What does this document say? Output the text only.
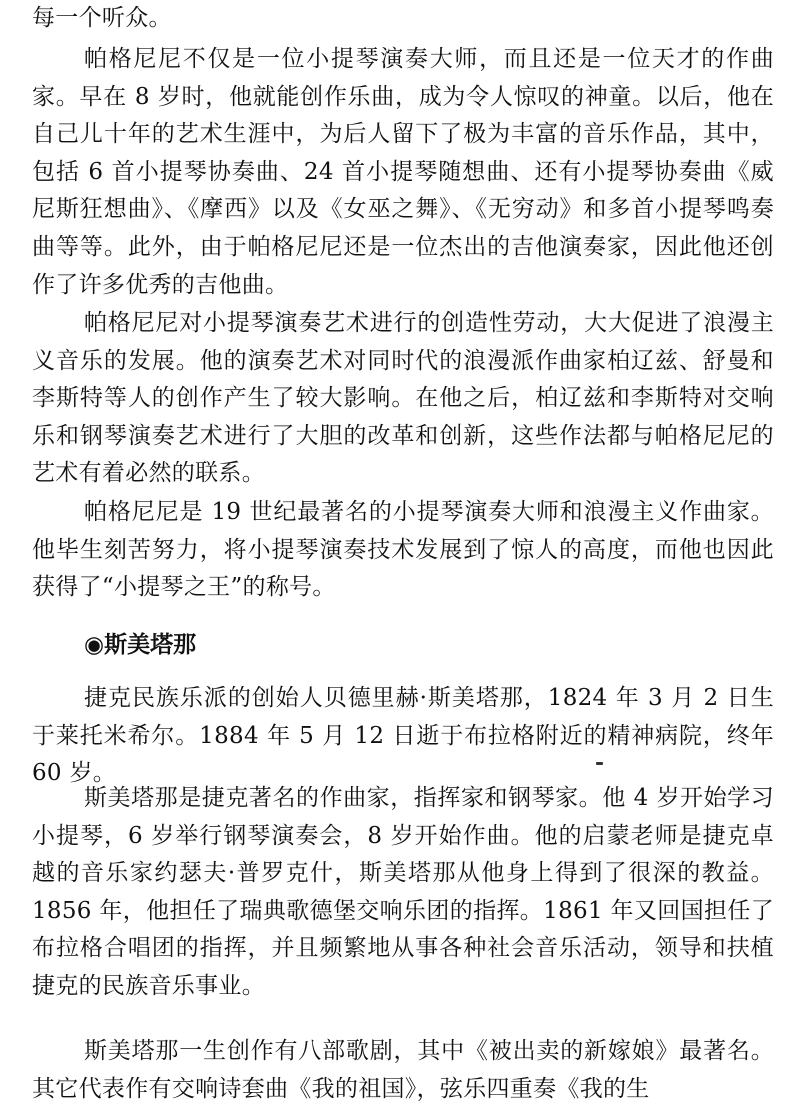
每一个听众。

帕格尼尼不仅是一位小提琴演奏大师，而且还是一位天才的作曲家。早在 8 岁时，他就能创作乐曲，成为令人惊叹的神童。以后，他在自己儿十年的艺术生涯中，为后人留下了极为丰富的音乐作品，其中，包括 6 首小提琴协奏曲、24 首小提琴随想曲、还有小提琴协奏曲《威尼斯狂想曲》、《摩西》以及《女巫之舞》、《无穷动》和多首小提琴鸣奏曲等等。此外，由于帕格尼尼还是一位杰出的吉他演奏家，因此他还创作了许多优秀的吉他曲。

帕格尼尼对小提琴演奏艺术进行的创造性劳动，大大促进了浪漫主义音乐的发展。他的演奏艺术对同时代的浪漫派作曲家柏辽兹、舒曼和李斯特等人的创作产生了较大影响。在他之后，柏辽兹和李斯特对交响乐和钢琴演奏艺术进行了大胆的改革和创新，这些作法都与帕格尼尼的艺术有着必然的联系。

帕格尼尼是 19 世纪最著名的小提琴演奏大师和浪漫主义作曲家。他毕生刻苦努力，将小提琴演奏技术发展到了惊人的高度，而他也因此获得了“小提琴之王”的称号。

◉斯美塔那

捷克民族乐派的创始人贝德里赫·斯美塔那，1824 年 3 月 2 日生于莱托米希尔。1884 年 5 月 12 日逝于布拉格附近的精神病院，终年 60 岁。

斯美塔那是捷克著名的作曲家，指挥家和钢琴家。他 4 岁开始学习小提琴，6 岁举行钢琴演奏会，8 岁开始作曲。他的启蒙老师是捷克卓越的音乐家约瑟夫·普罗克什，斯美塔那从他身上得到了很深的教益。1856 年，他担任了瑞典歌德堡交响乐团的指挥。1861 年又回国担任了布拉格合唱团的指挥，并且频繁地从事各种社会音乐活动，领导和扶植捷克的民族音乐事业。

斯美塔那一生创作有八部歌剧，其中《被出卖的新嫁娘》最著名。其它代表作有交响诗套曲《我的祖国》，弦乐四重奏《我的生
